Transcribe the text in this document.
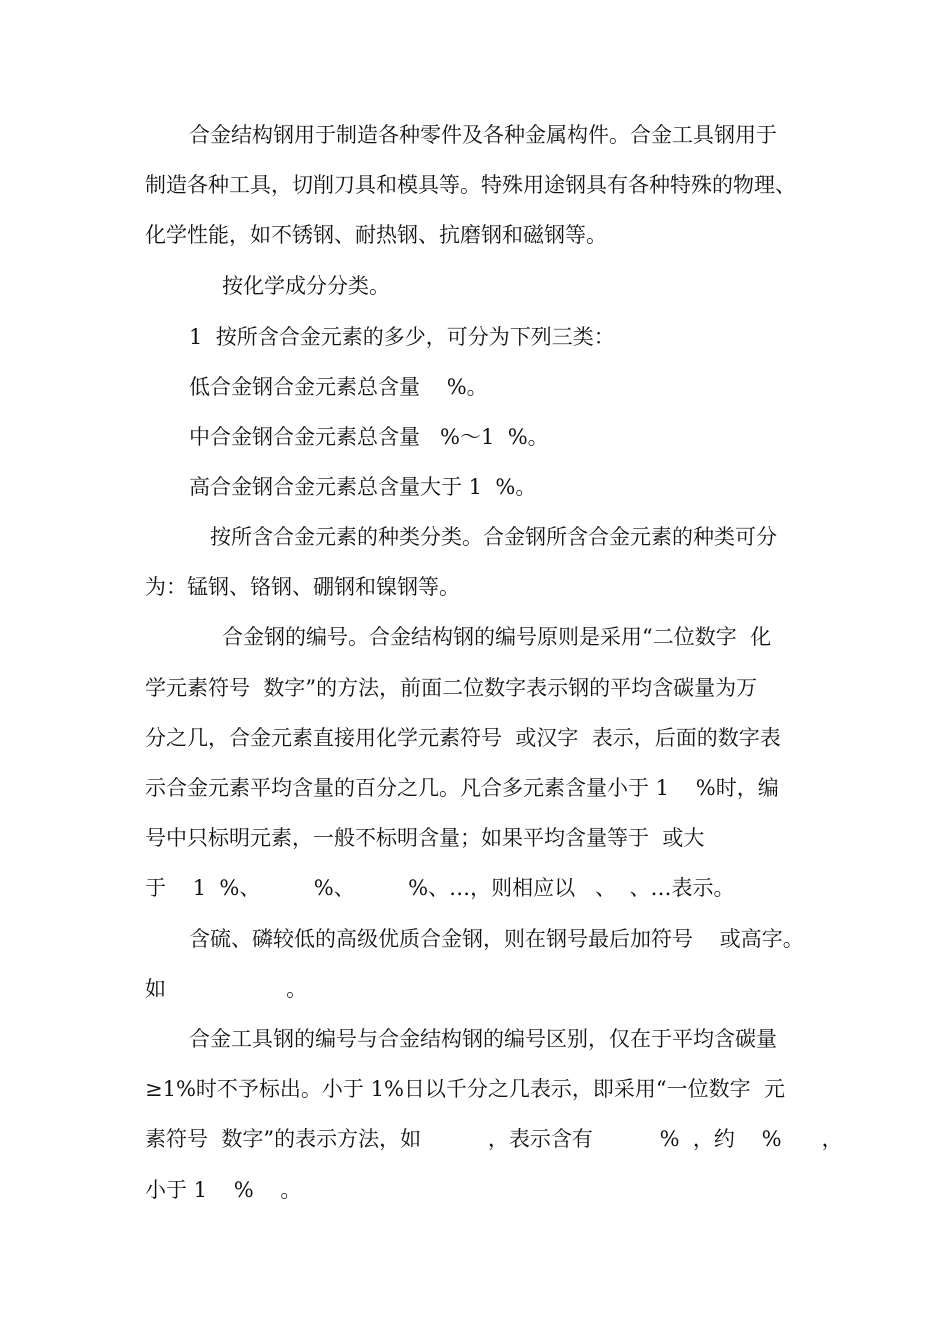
合金结构钢用于制造各种零件及各种金属构件。合金工具钢用于
制造各种工具，切削刀具和模具等。特殊用途钢具有各种特殊的物理、
化学性能，如不锈钢、耐热钢、抗磨钢和磁钢等。
按化学成分分类。
1  按所含合金元素的多少，可分为下列三类：
低合金钢合金元素总含量    %。
中合金钢合金元素总含量   %～1  %。
高合金钢合金元素总含量大于 1  %。
按所含合金元素的种类分类。合金钢所含合金元素的种类可分
为：锰钢、铬钢、硼钢和镍钢等。
合金钢的编号。合金结构钢的编号原则是采用“二位数字  化
学元素符号  数字”的方法，前面二位数字表示钢的平均含碳量为万
分之几，合金元素直接用化学元素符号  或汉字  表示，后面的数字表
示合金元素平均含量的百分之几。凡合多元素含量小于 1    %时，编
号中只标明元素，一般不标明含量；如果平均含量等于  或大
于    1  %、        %、        %、…，则相应以   、  、…表示。
含硫、磷较低的高级优质合金钢，则在钢号最后加符号    或高字。
如                  。
合金工具钢的编号与合金结构钢的编号区别，仅在于平均含碳量
≥1%时不予标出。小于 1%日以千分之几表示，即采用“一位数字  元
素符号  数字”的表示方法，如          ，表示含有          %  ，约    %      ，
小于 1    %    。
